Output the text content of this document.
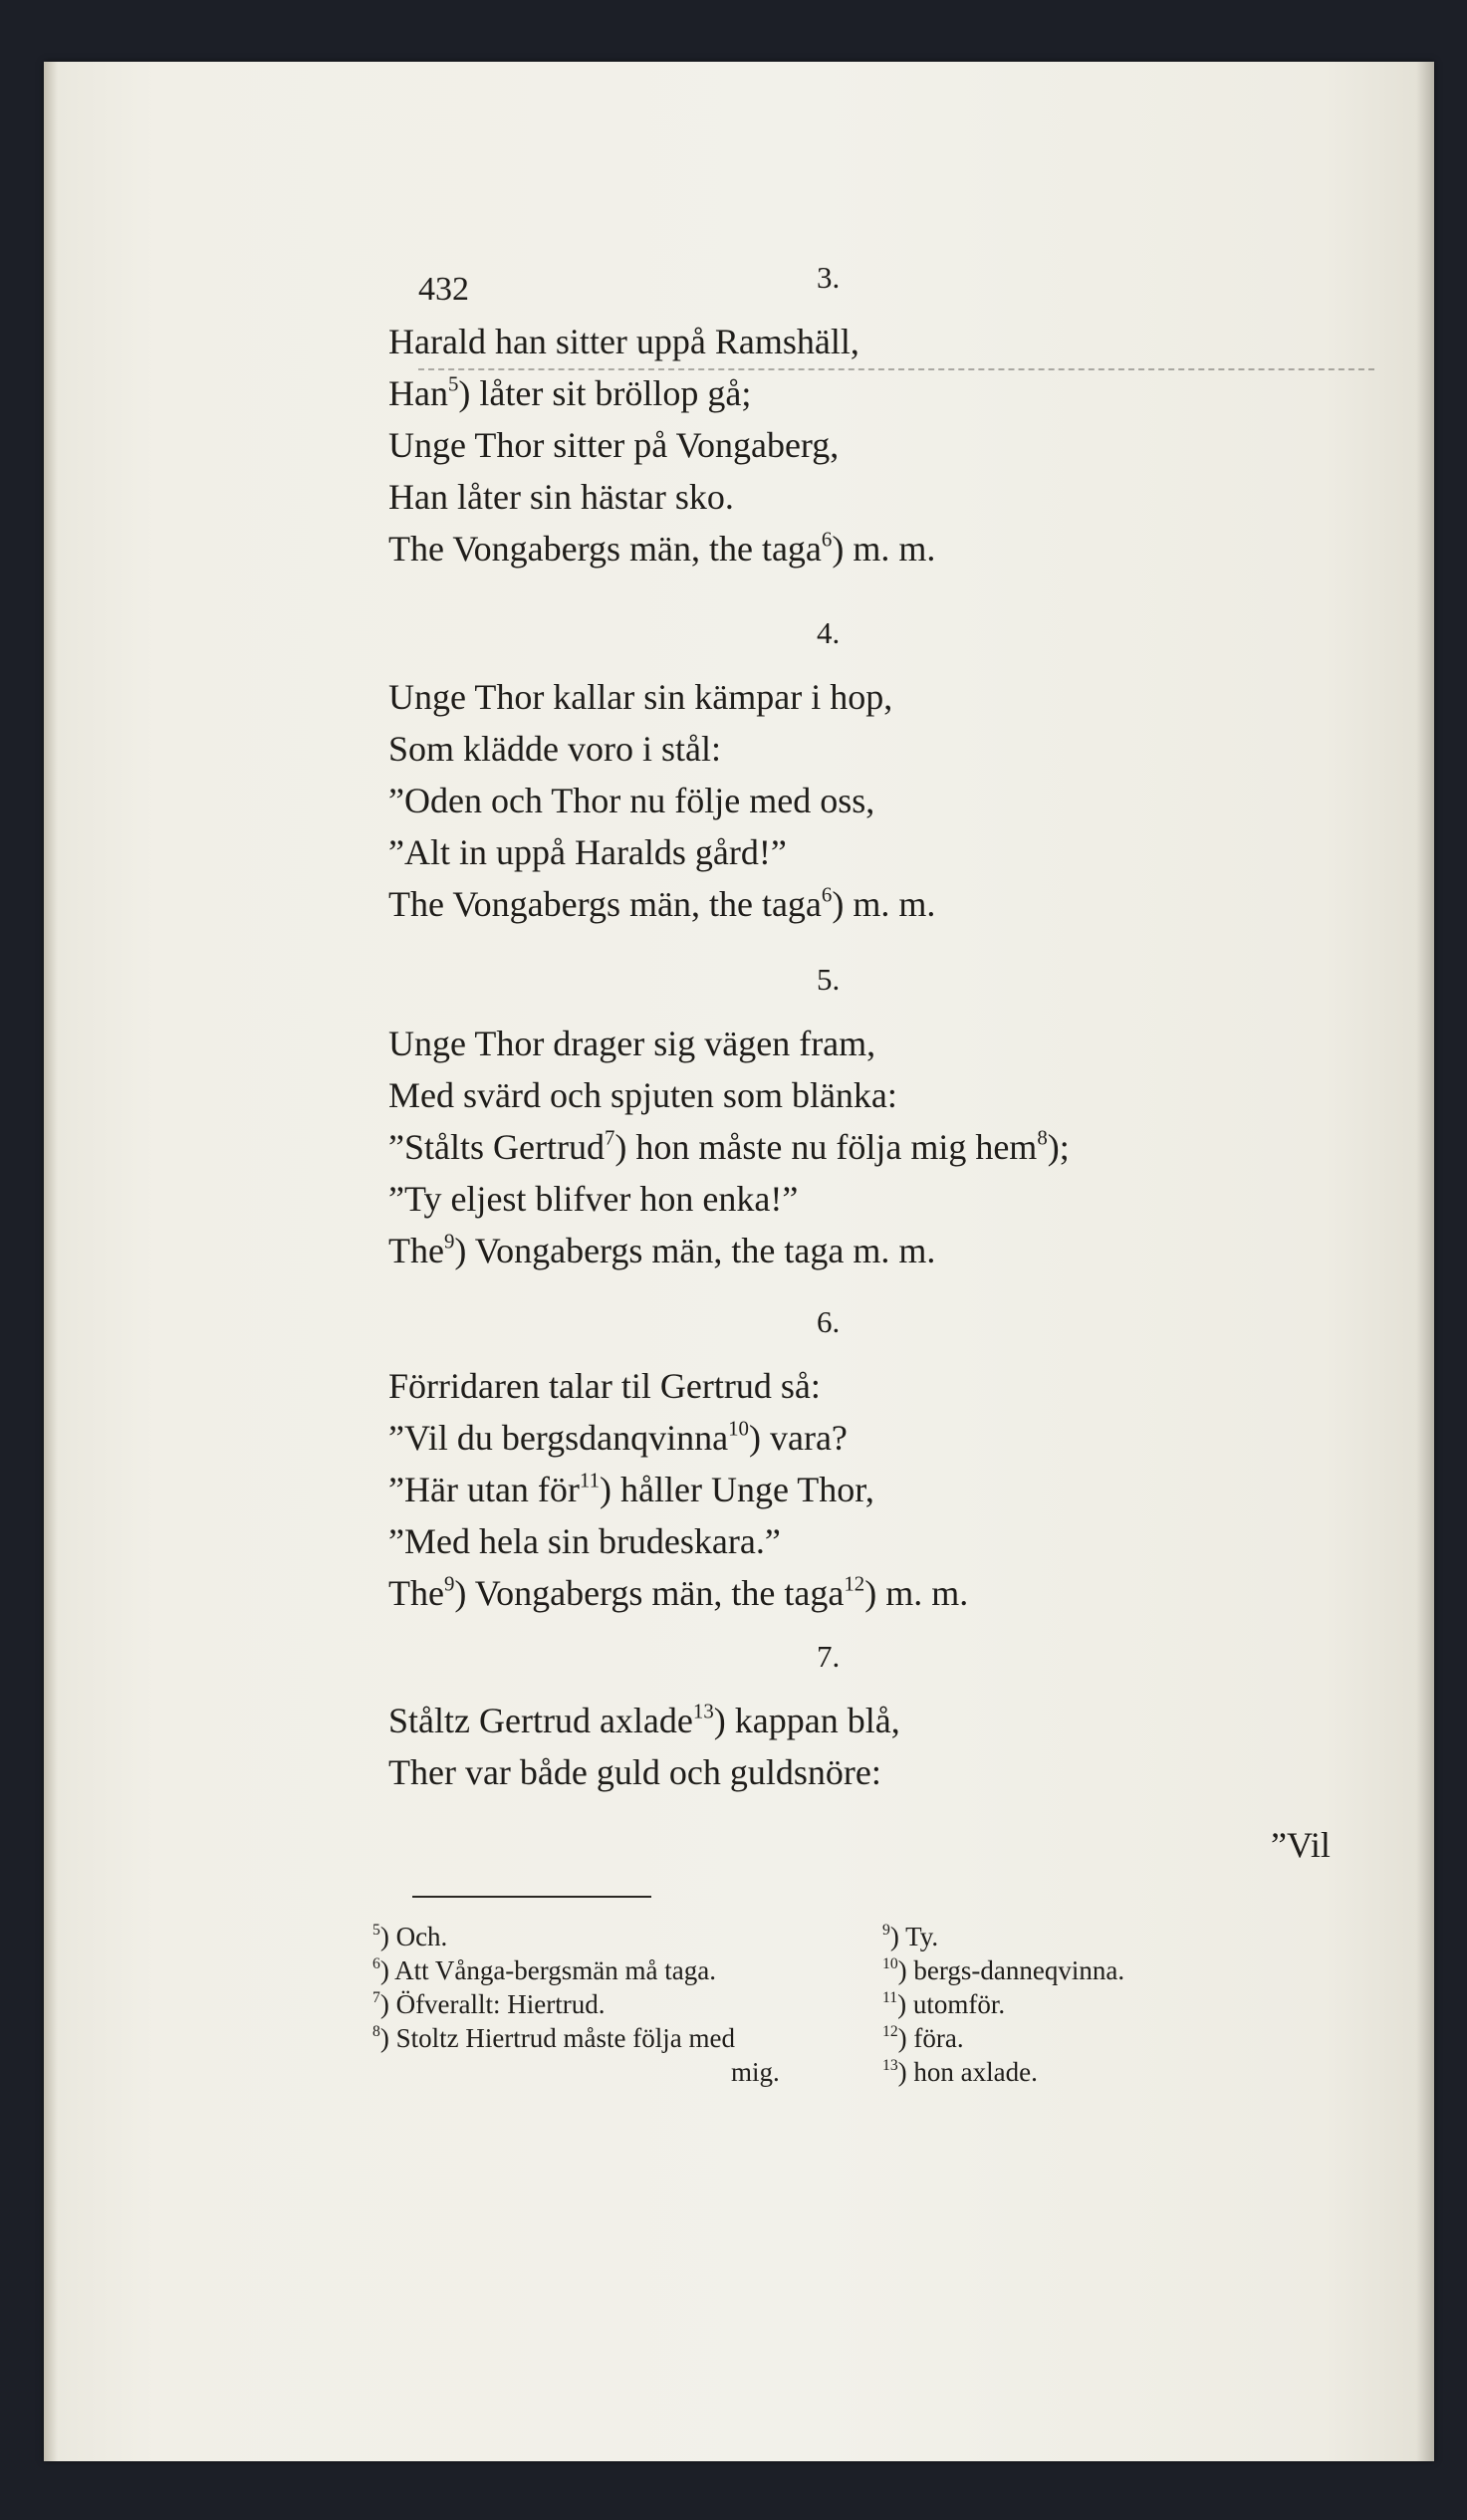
432	3.
Harald han sitter uppå Ramshäll,
Han$^5$) låter sit bröllop gå;
Unge Thor sitter på Vongaberg,
Han låter sin hästar sko.
The Vongabergs män, the taga$^6$) m. m.
4.
Unge Thor kallar sin kämpar i hop,
Som klädde voro i stål:
”Oden och Thor nu följe med oss,
”Alt in uppå Haralds gård!”
The Vongabergs män, the taga$^6$) m. m.
5.
Unge Thor drager sig vägen fram,
Med svärd och spjuten som blänka:
”Stålts Gertrud$^7$) hon måste nu följa mig hem$^8$);
”Ty eljest blifver hon enka!”
The$^9$) Vongabergs män, the taga m. m.
6.
Förridaren talar til Gertrud så:
”Vil du bergsdanqvinna$^{10}$) vara?
”Här utan för$^{11}$) håller Unge Thor,
”Med hela sin brudeskara.”
The$^9$) Vongabergs män, the taga$^{12}$) m. m.
7.
Ståltz Gertrud axlade$^{13}$) kappan blå,
Ther var både guld och guldsnöre:
”Vil
$^5$) Och.
$^6$) Att Vånga-bergsmän må taga.
$^7$) Öfverallt: Hiertrud.
$^8$) Stoltz Hiertrud måste följa med
mig.
$^9$) Ty.
$^{10}$) bergs-danneqvinna.
$^{11}$) utomför.
$^{12}$) föra.
$^{13}$) hon axlade.
